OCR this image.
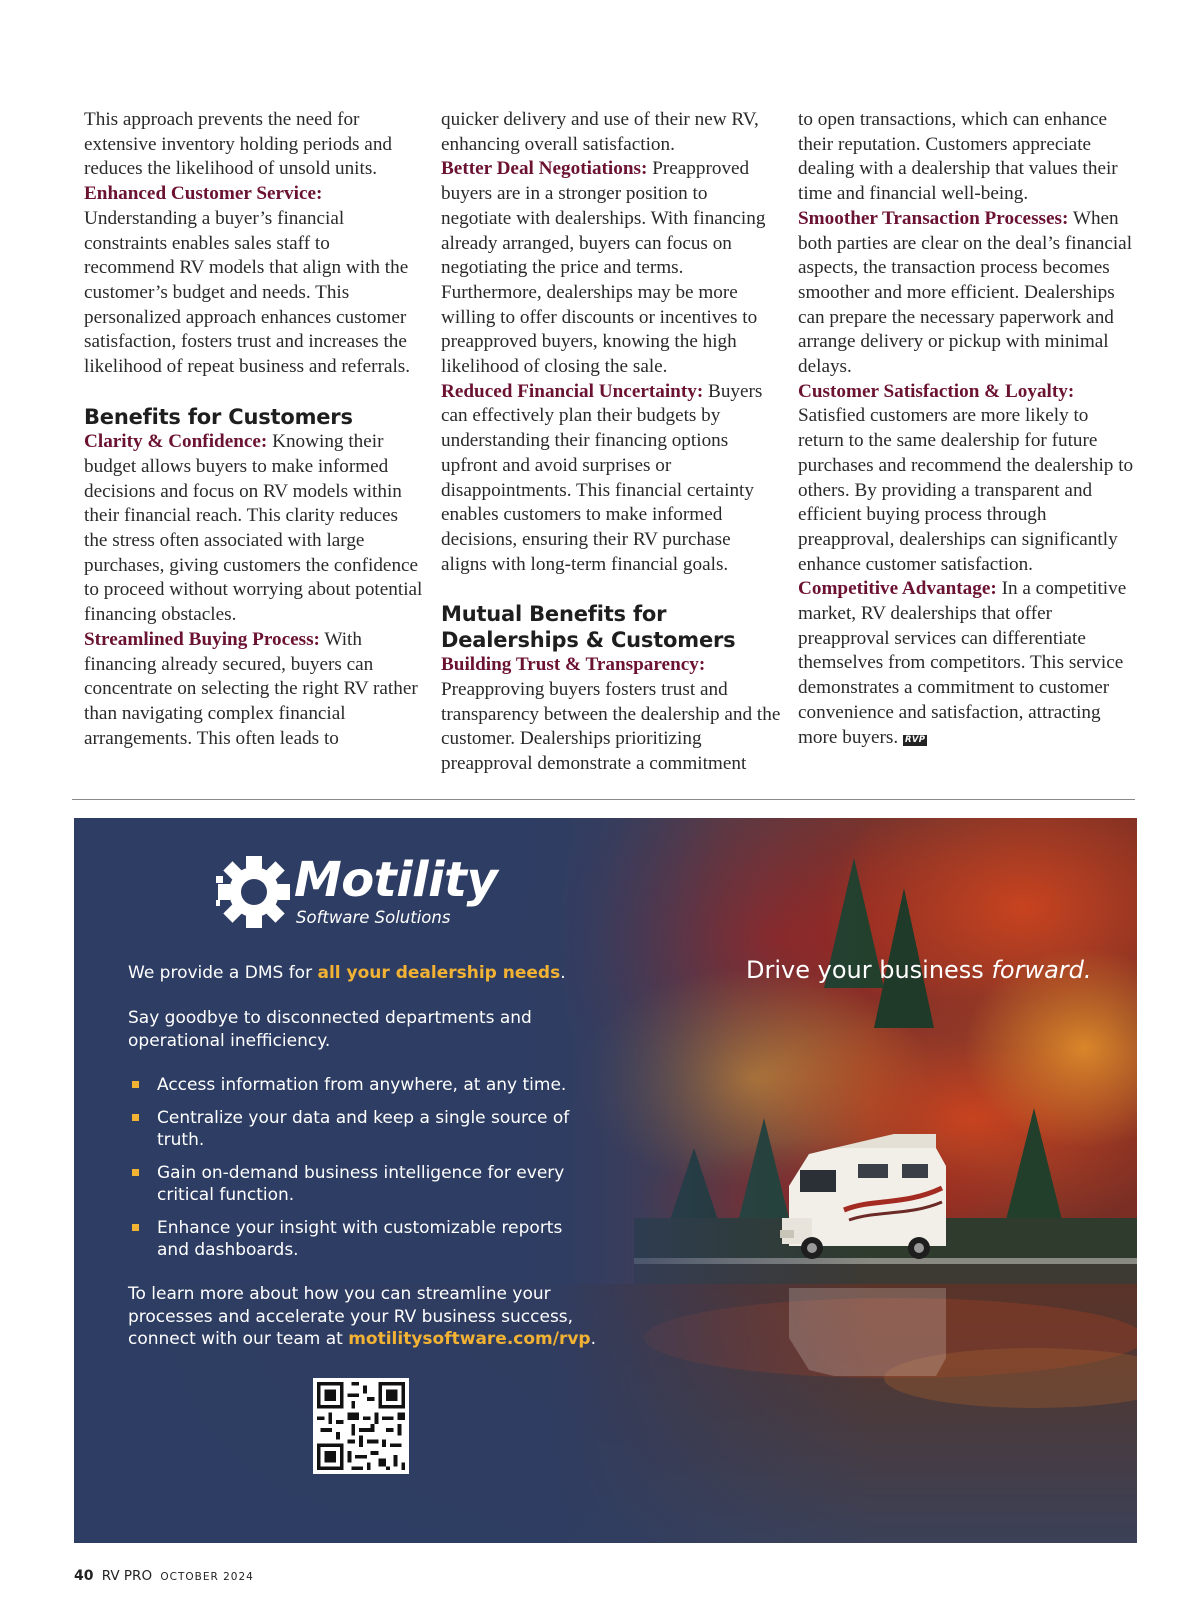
This approach prevents the need for extensive inventory holding periods and reduces the likelihood of unsold units.

Enhanced Customer Service: Understanding a buyer’s financial constraints enables sales staff to recommend RV models that align with the customer’s budget and needs. This personalized approach enhances customer satisfaction, fosters trust and increases the likelihood of repeat business and referrals.

Benefits for Customers

Clarity & Confidence: Knowing their budget allows buyers to make informed decisions and focus on RV models within their financial reach. This clarity reduces the stress often associated with large purchases, giving customers the confidence to proceed without worrying about potential financing obstacles.

Streamlined Buying Process: With financing already secured, buyers can concentrate on selecting the right RV rather than navigating complex financial arrangements. This often leads to

quicker delivery and use of their new RV, enhancing overall satisfaction.

Better Deal Negotiations: Preapproved buyers are in a stronger position to negotiate with dealerships. With financing already arranged, buyers can focus on negotiating the price and terms. Furthermore, dealerships may be more willing to offer discounts or incentives to preapproved buyers, knowing the high likelihood of closing the sale.

Reduced Financial Uncertainty: Buyers can effectively plan their budgets by understanding their financing options upfront and avoid surprises or disappointments. This financial certainty enables customers to make informed decisions, ensuring their RV purchase aligns with long-term financial goals.

Mutual Benefits for
Dealerships & Customers

Building Trust & Transparency: Preapproving buyers fosters trust and transparency between the dealership and the customer. Dealerships prioritizing preapproval demonstrate a commitment

to open transactions, which can enhance their reputation. Customers appreciate dealing with a dealership that values their time and financial well-being.

Smoother Transaction Processes: When both parties are clear on the deal’s financial aspects, the transaction process becomes smoother and more efficient. Dealerships can prepare the necessary paperwork and arrange delivery or pickup with minimal delays.

Customer Satisfaction & Loyalty: Satisfied customers are more likely to return to the same dealership for future purchases and recommend the dealership to others. By providing a transparent and efficient buying process through preapproval, dealerships can significantly enhance customer satisfaction.

Competitive Advantage: In a competitive market, RV dealerships that offer preapproval services can differentiate themselves from competitors. This service demonstrates a commitment to customer convenience and satisfaction, attracting more buyers. RVP

Motility
Software Solutions

We provide a DMS for all your dealership needs.

Say goodbye to disconnected departments and operational inefficiency.

Access information from anywhere, at any time.
Centralize your data and keep a single source of truth.
Gain on-demand business intelligence for every critical function.
Enhance your insight with customizable reports and dashboards.

To learn more about how you can streamline your processes and accelerate your RV business success, connect with our team at motilitysoftware.com/rvp.

Drive your business forward.
40 RV PRO OCTOBER 2024
